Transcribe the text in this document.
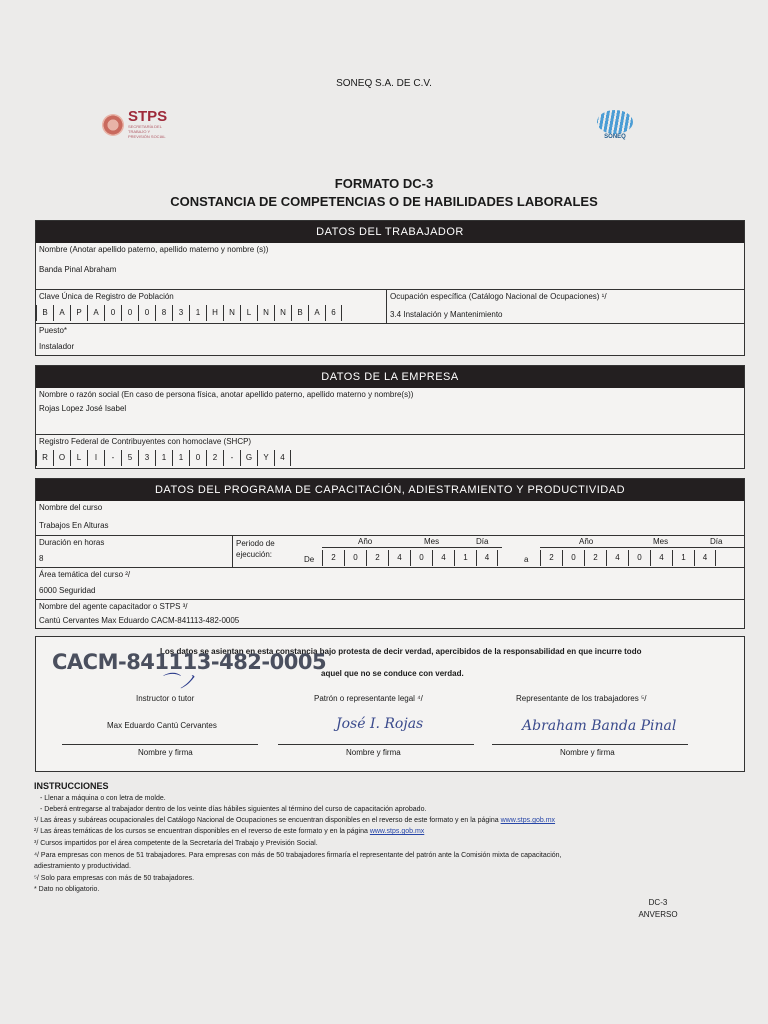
SONEQ S.A. DE C.V.
STPS
SECRETARÍA DEL TRABAJO Y PREVISIÓN SOCIAL	SONEQ
FORMATO DC-3
CONSTANCIA DE COMPETENCIAS O DE HABILIDADES LABORALES
DATOS DEL TRABAJADOR
Nombre (Anotar apellido paterno, apellido materno y nombre (s))
Banda Pinal Abraham
Clave Única de Registro de Población
B	A	P	A	0	0	0	8	3	1	H	N	L	N	N	B	A	6
Ocupación específica (Catálogo Nacional de Ocupaciones) ¹/
3.4 Instalación y Mantenimiento
Puesto*
Instalador
DATOS DE LA EMPRESA
Nombre o razón social (En caso de persona física, anotar apellido paterno, apellido materno y nombre(s))
Rojas Lopez José Isabel
Registro Federal de Contribuyentes con homoclave (SHCP)
R	O	L	I	-	5	3	1	1	0	2	-	G	Y	4
DATOS DEL PROGRAMA DE CAPACITACIÓN, ADIESTRAMIENTO Y PRODUCTIVIDAD
Nombre del curso
Trabajos En Alturas
Duración en horas
8
Periodo de
ejecución:
De	a
Año	Mes	Día	Año	Mes	Día
2	0	2	4	0	4	1	4	2	0	2	4	0	4	1	4
Área temática del curso ²/
6000 Seguridad
Nombre del agente capacitador o STPS ³/
Cantú Cervantes Max Eduardo CACM-841113-482-0005
Los datos se asientan en esta constancia bajo protesta de decir verdad, apercibidos de la responsabilidad en que incurre todo
aquel que no se conduce con verdad.
CACM-841113-482-0005
Instructor o tutor
Max Eduardo Cantú Cervantes
Nombre y firma
⌒ノ
Patrón o representante legal ⁴/
José I. Rojas
Nombre y firma
Representante de los trabajadores ⁵/
Abraham Banda Pinal
Nombre y firma
INSTRUCCIONES
- Llenar a máquina o con letra de molde.
- Deberá entregarse al trabajador dentro de los veinte días hábiles siguientes al término del curso de capacitación aprobado.
¹/ Las áreas y subáreas ocupacionales del Catálogo Nacional de Ocupaciones se encuentran disponibles en el reverso de este formato y en la página www.stps.gob.mx
²/ Las áreas temáticas de los cursos se encuentran disponibles en el reverso de este formato y en la página www.stps.gob.mx
³/ Cursos impartidos por el área competente de la Secretaría del Trabajo y Previsión Social.
⁴/ Para empresas con menos de 51 trabajadores. Para empresas con más de 50 trabajadores firmaría el representante del patrón ante la Comisión mixta de capacitación,
adiestramiento y productividad.
⁵/ Solo para empresas con más de 50 trabajadores.
* Dato no obligatorio.
DC-3
ANVERSO
